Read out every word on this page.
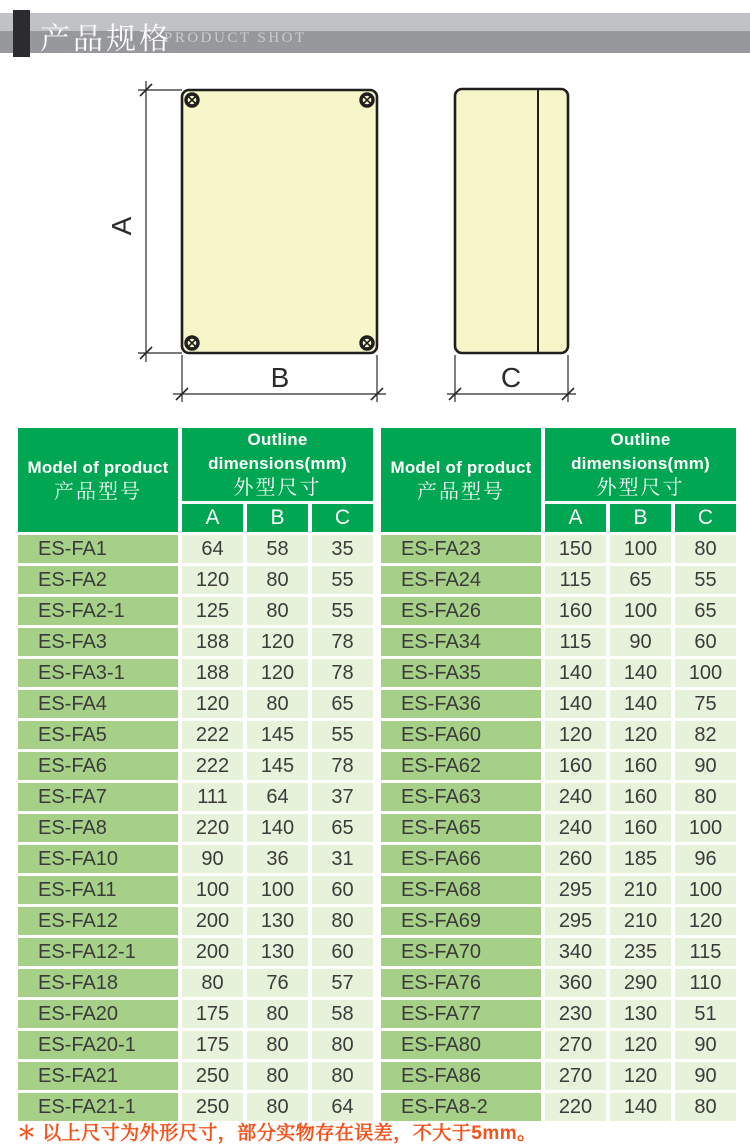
产品规格
PRODUCT SHOT
A
B	C
Model of product
产品型号	Outline dimensions(mm)
外型尺寸		

	A	B	C
ES-FA1	64	58	35
ES-FA2	120	80	55
ES-FA2-1	125	80	55
ES-FA3	188	120	78
ES-FA3-1	188	120	78
ES-FA4	120	80	65
ES-FA5	222	145	55
ES-FA6	222	145	78
ES-FA7	111	64	37
ES-FA8	220	140	65
ES-FA10	90	36	31
ES-FA11	100	100	60
ES-FA12	200	130	80
ES-FA12-1	200	130	60
ES-FA18	80	76	57
ES-FA20	175	80	58
ES-FA20-1	175	80	80
ES-FA21	250	80	80
ES-FA21-1	250	80	64
Model of product
产品型号	Outline dimensions(mm)
外型尺寸		

	A	B	C
ES-FA23	150	100	80
ES-FA24	115	65	55
ES-FA26	160	100	65
ES-FA34	115	90	60
ES-FA35	140	140	100
ES-FA36	140	140	75
ES-FA60	120	120	82
ES-FA62	160	160	90
ES-FA63	240	160	80
ES-FA65	240	160	100
ES-FA66	260	185	96
ES-FA68	295	210	100
ES-FA69	295	210	120
ES-FA70	340	235	115
ES-FA76	360	290	110
ES-FA77	230	130	51
ES-FA80	270	120	90
ES-FA86	270	120	90
ES-FA8-2	220	140	80
＊ 以上尺寸为外形尺寸，部分实物存在误差，不大于5mm。
